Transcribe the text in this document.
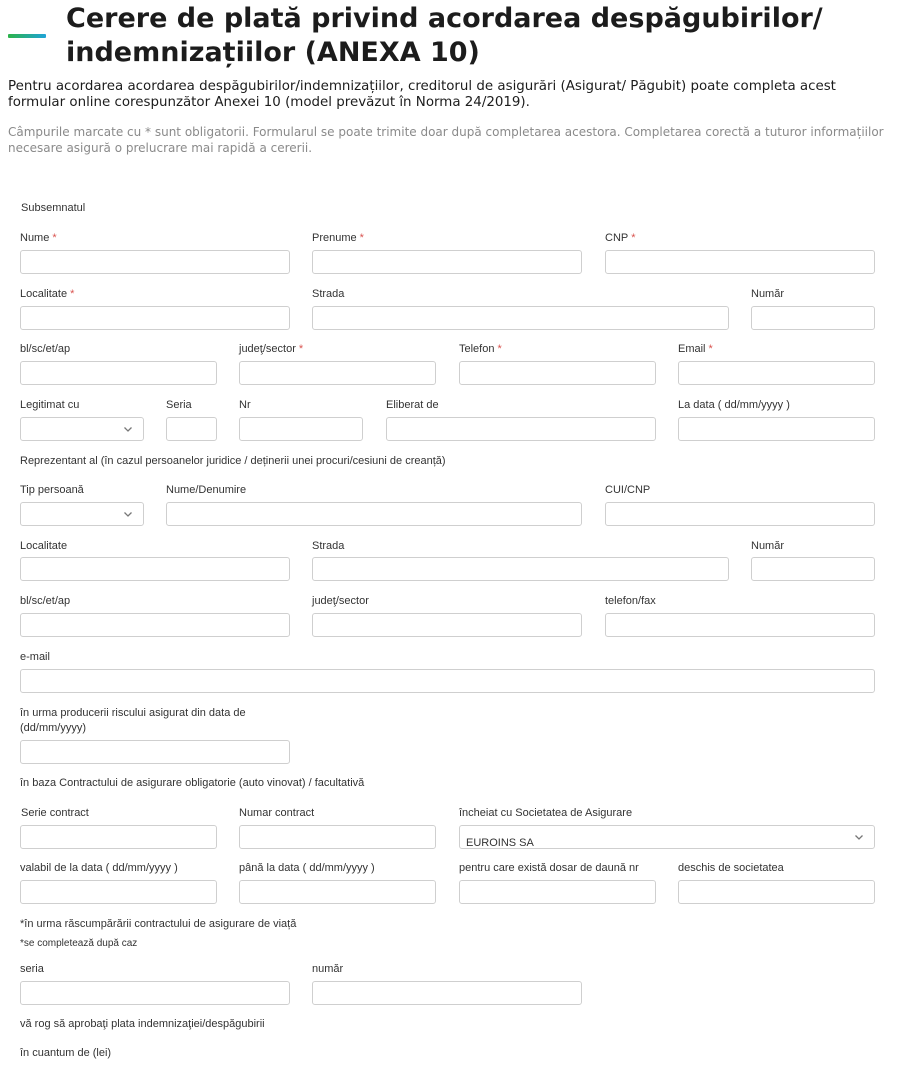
Cerere de plată privind acordarea despăgubirilor/ indemnizațiilor (ANEXA 10)

Pentru acordarea acordarea despăgubirilor/indemnizațiilor, creditorul de asigurări (Asigurat/ Păgubit) poate completa acest formular online corespunzător Anexei 10 (model prevăzut în Norma 24/2019).

Câmpurile marcate cu * sunt obligatorii. Formularul se poate trimite doar după completarea acestora. Completarea corectă a tuturor informațiilor necesare asigură o prelucrare mai rapidă a cererii.

Subsemnatul
Nume *	Prenume *	CNP *
Localitate *	Strada	Număr
bl/sc/et/ap	judeţ/sector *	Telefon *	Email *
Legitimat cu	Seria	Nr	Eliberat de	La data ( dd/mm/yyyy )
Reprezentant al (în cazul persoanelor juridice / deținerii unei procuri/cesiuni de creanță)
Tip persoană	Nume/Denumire	CUI/CNP
Localitate	Strada	Număr
bl/sc/et/ap	judeţ/sector	telefon/fax
e-mail
în urma producerii riscului asigurat din data de (dd/mm/yyyy)
în baza Contractului de asigurare obligatorie (auto vinovat) / facultativă
Serie contract	Numar contract	încheiat cu Societatea de Asigurare
EUROINS SA
valabil de la data ( dd/mm/yyyy )	până la data ( dd/mm/yyyy )	pentru care există dosar de daună nr	deschis de societatea
*în urma răscumpărării contractului de asigurare de viață
*se completează după caz
seria	număr
vă rog să aprobaţi plata indemnizaţiei/despăgubirii
în cuantum de (lei)
